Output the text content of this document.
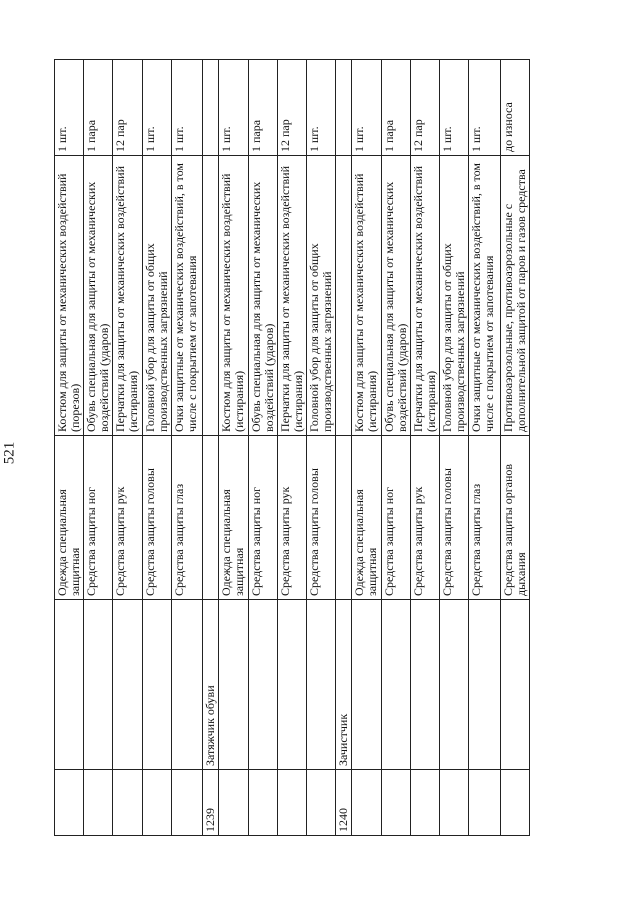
521
		Одежда специальная защитная	Костюм для защиты от механических воздействий (порезов)	1 шт.
		Средства защиты ног	Обувь специальная для защиты от механических воздействий (ударов)	1 пара
		Средства защиты рук	Перчатки для защиты от механических воздействий (истирания)	12 пар
		Средства защиты головы	Головной убор для защиты от общих производственных загрязнений	1 шт.
		Средства защиты глаз	Очки защитные от механических воздействий, в том числе с покрытием от запотевания	1 шт.
1239	Затяжчик обуви			
		Одежда специальная защитная	Костюм для защиты от механических воздействий (истирания)	1 шт.
		Средства защиты ног	Обувь специальная для защиты от механических воздействий (ударов)	1 пара
		Средства защиты рук	Перчатки для защиты от механических воздействий (истирания)	12 пар
		Средства защиты головы	Головной убор для защиты от общих производственных загрязнений	1 шт.
1240	Зачистчик			
		Одежда специальная защитная	Костюм для защиты от механических воздействий (истирания)	1 шт.
		Средства защиты ног	Обувь специальная для защиты от механических воздействий (ударов)	1 пара
		Средства защиты рук	Перчатки для защиты от механических воздействий (истирания)	12 пар
		Средства защиты головы	Головной убор для защиты от общих производственных загрязнений	1 шт.
		Средства защиты глаз	Очки защитные от механических воздействий, в том числе с покрытием от запотевания	1 шт.
		Средства защиты органов дыхания	Противоаэрозольные, противоаэрозольные с дополнительной защитой от паров и газов средства	до износа
